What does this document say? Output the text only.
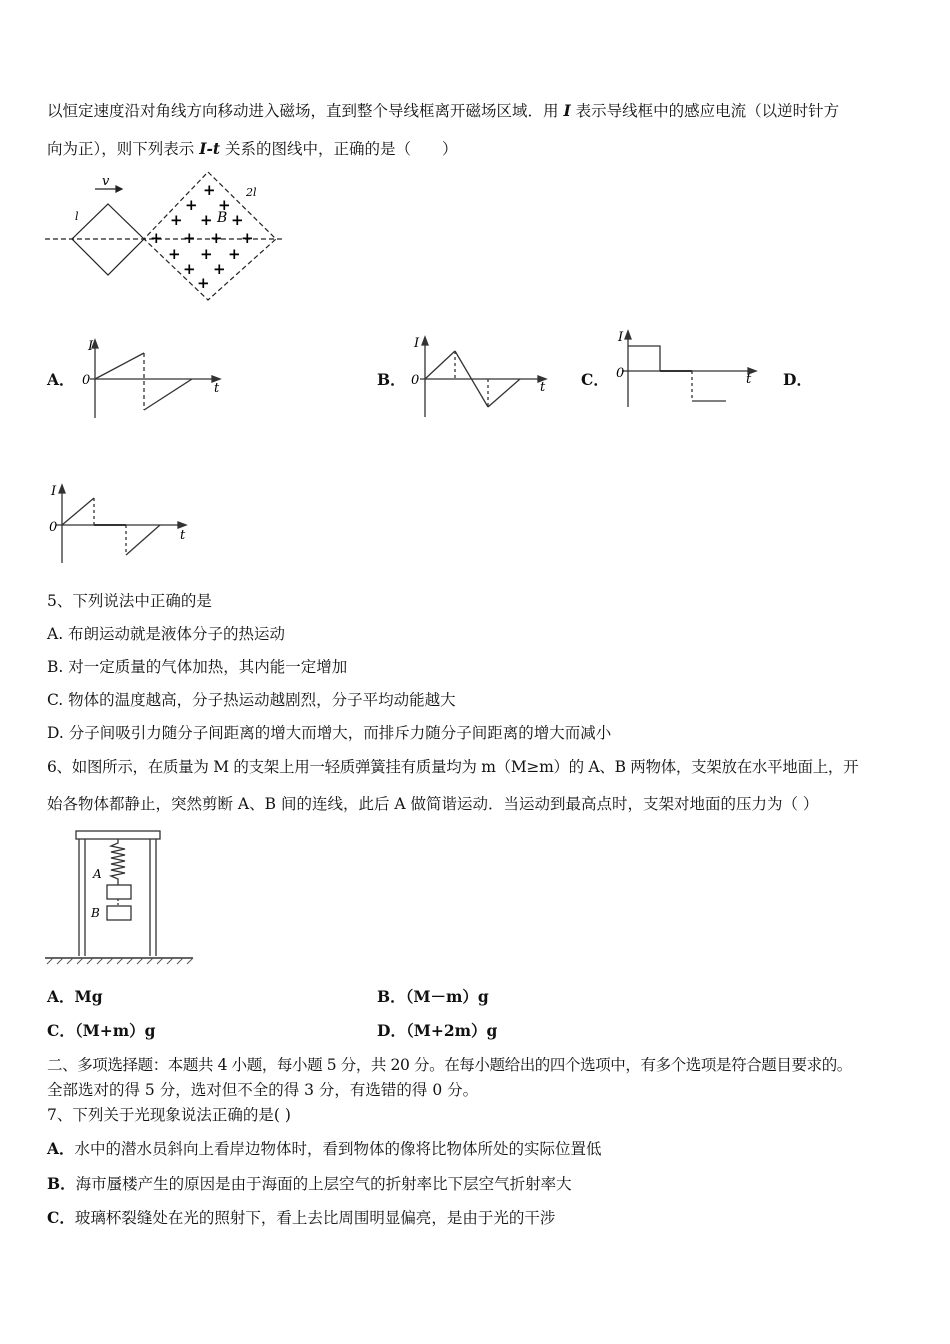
以恒定速度沿对角线方向移动进入磁场，直到整个导线框离开磁场区域．用 I 表示导线框中的感应电流（以逆时针方
向为正），则下列表示 I-t 关系的图线中，正确的是（　　）
v
l
2l
B
+
+ +
+ + +
+ + + +
+ + +
+ +
+
A．	B．	C．	D．
I
0
t
I
0	t
I
0	t
I
0
t
5、下列说法中正确的是
A. 布朗运动就是液体分子的热运动
B. 对一定质量的气体加热，其内能一定增加
C. 物体的温度越高，分子热运动越剧烈，分子平均动能越大
D. 分子间吸引力随分子间距离的增大而增大，而排斥力随分子间距离的增大而减小
6、如图所示，在质量为 M 的支架上用一轻质弹簧挂有质量均为 m（M≥m）的 A、B 两物体，支架放在水平地面上，开
始各物体都静止，突然剪断 A、B 间的连线，此后 A 做简谐运动．当运动到最高点时，支架对地面的压力为（ ）
A
B
A．Mg	B．（M－m）g
C．（M+m）g	D．（M+2m）g
二、多项选择题：本题共 4 小题，每小题 5 分，共 20 分。在每小题给出的四个选项中，有多个选项是符合题目要求的。
全部选对的得 5 分，选对但不全的得 3 分，有选错的得 0 分。
7、下列关于光现象说法正确的是( )
A．水中的潜水员斜向上看岸边物体时，看到物体的像将比物体所处的实际位置低
B．海市蜃楼产生的原因是由于海面的上层空气的折射率比下层空气折射率大
C．玻璃杯裂缝处在光的照射下，看上去比周围明显偏亮，是由于光的干涉
